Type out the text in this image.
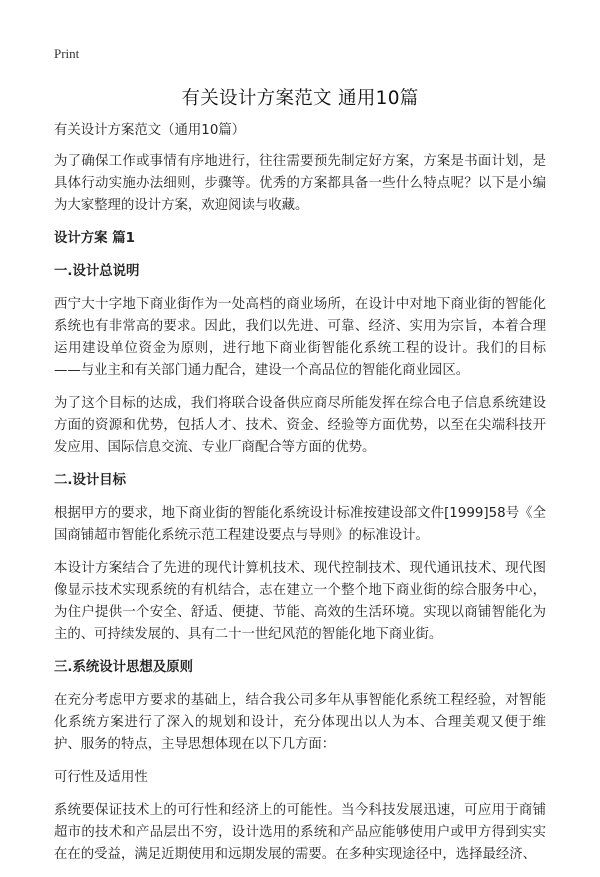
Print
有关设计方案范文 通用10篇

有关设计方案范文（通用10篇）

为了确保工作或事情有序地进行，往往需要预先制定好方案，方案是书面计划，是具体行动实施办法细则，步骤等。优秀的方案都具备一些什么特点呢？以下是小编为大家整理的设计方案，欢迎阅读与收藏。

设计方案 篇1

一.设计总说明

西宁大十字地下商业街作为一处高档的商业场所，在设计中对地下商业街的智能化系统也有非常高的要求。因此，我们以先进、可靠、经济、实用为宗旨，本着合理运用建设单位资金为原则，进行地下商业街智能化系统工程的设计。我们的目标——与业主和有关部门通力配合，建设一个高品位的智能化商业园区。

为了这个目标的达成，我们将联合设备供应商尽所能发挥在综合电子信息系统建设方面的资源和优势，包括人才、技术、资金、经验等方面优势，以至在尖端科技开发应用、国际信息交流、专业厂商配合等方面的优势。

二.设计目标

根据甲方的要求，地下商业街的智能化系统设计标准按建设部文件[1999]58号《全国商铺超市智能化系统示范工程建设要点与导则》的标准设计。

本设计方案结合了先进的现代计算机技术、现代控制技术、现代通讯技术、现代图像显示技术实现系统的有机结合，志在建立一个整个地下商业街的综合服务中心，为住户提供一个安全、舒适、便捷、节能、高效的生活环境。实现以商铺智能化为主的、可持续发展的、具有二十一世纪风范的智能化地下商业街。

三.系统设计思想及原则

在充分考虑甲方要求的基础上，结合我公司多年从事智能化系统工程经验，对智能化系统方案进行了深入的规划和设计，充分体现出以人为本、合理美观又便于维护、服务的特点，主导思想体现在以下几方面：

可行性及适用性

系统要保证技术上的可行性和经济上的可能性。当今科技发展迅速，可应用于商铺超市的技术和产品层出不穷，设计选用的系统和产品应能够使用户或甲方得到实实在在的受益，满足近期使用和远期发展的需要。在多种实现途径中，选择最经济、
